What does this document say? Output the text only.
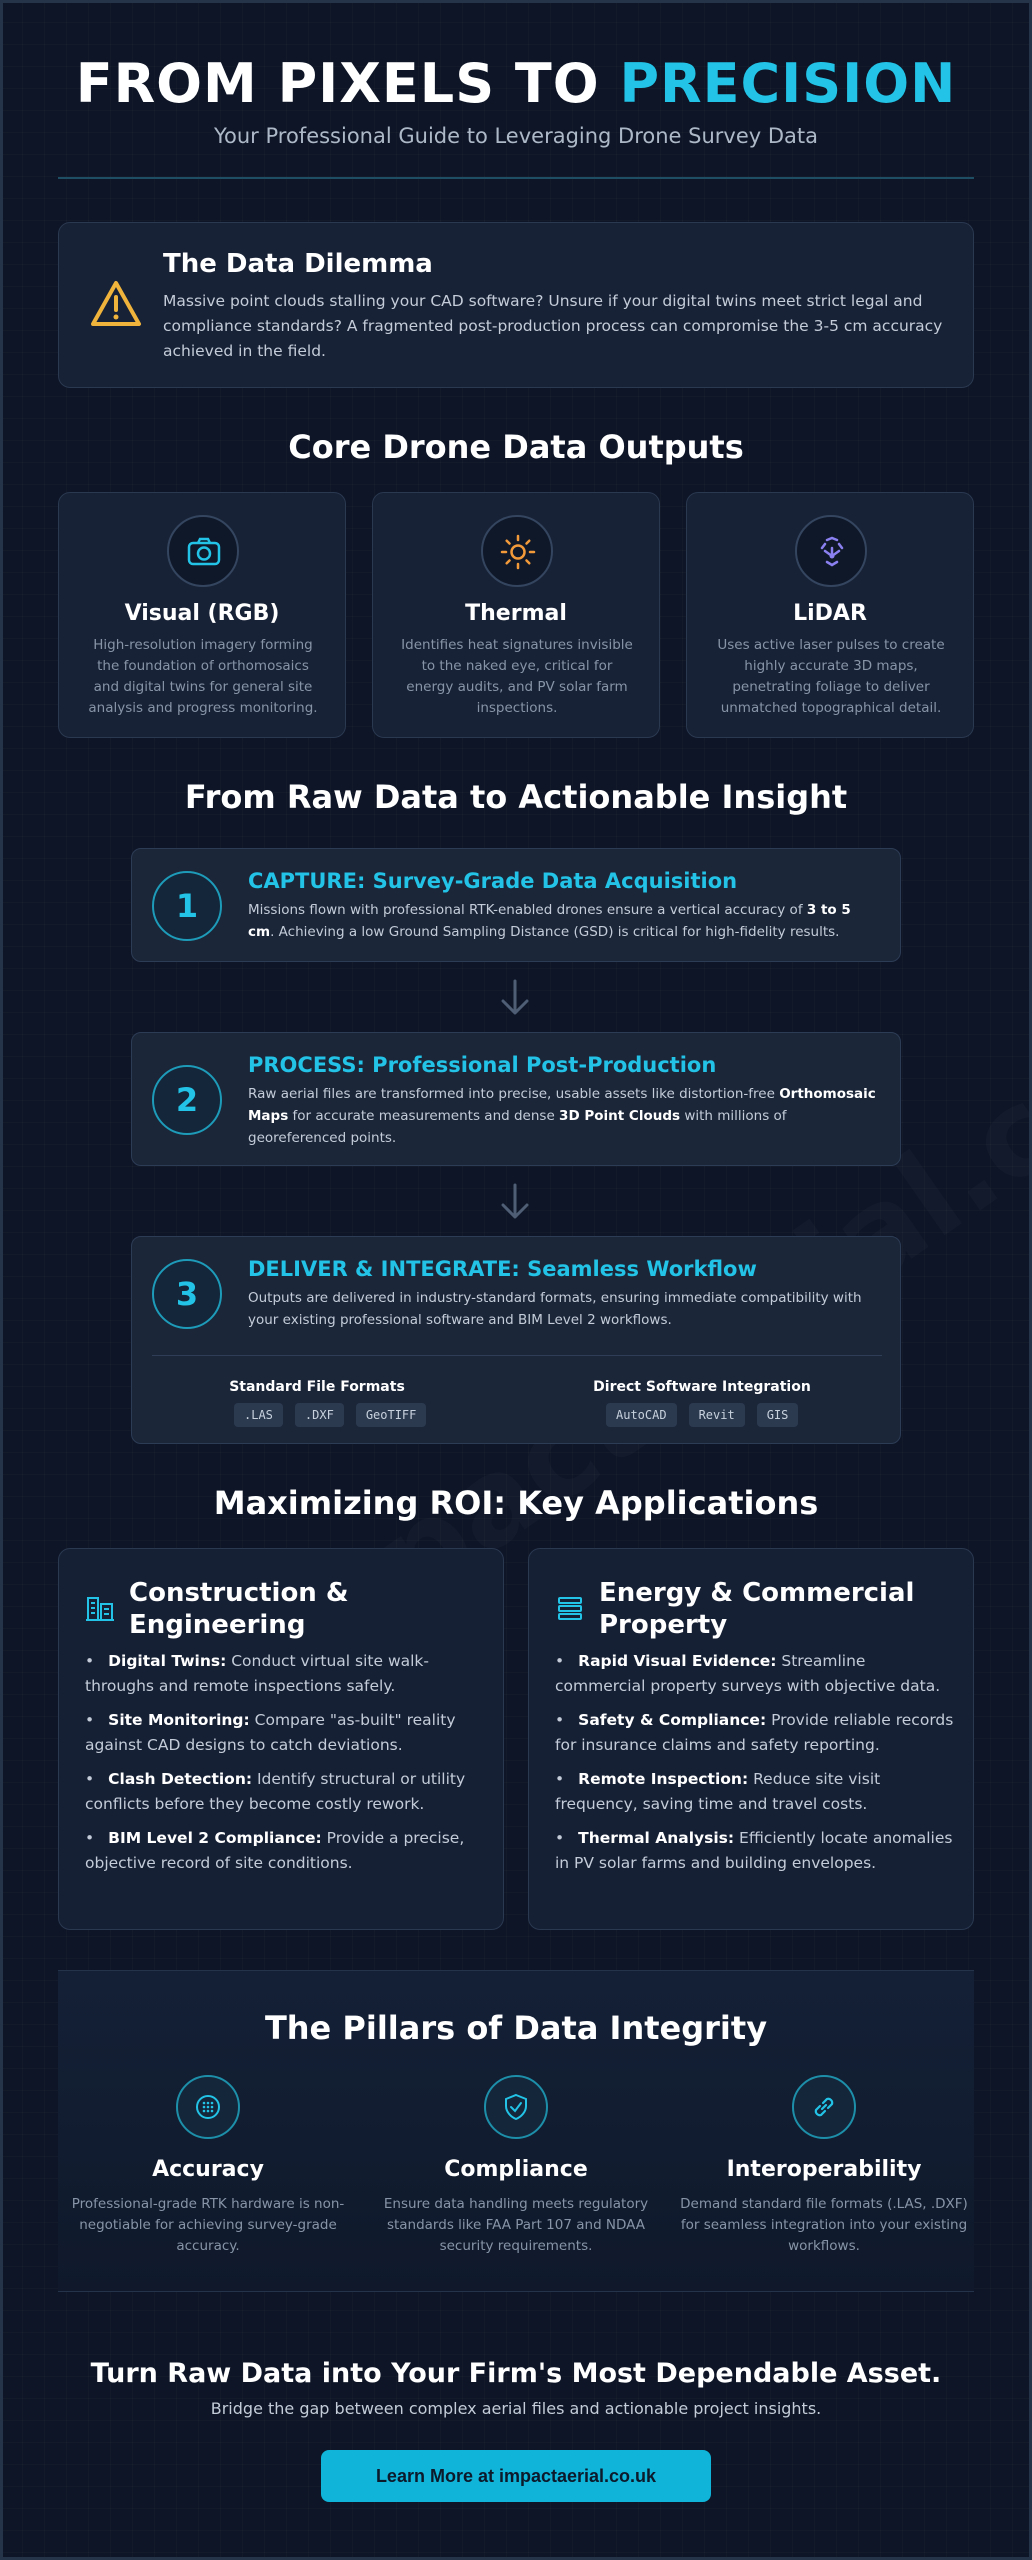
FROM PIXELS TO PRECISION
Your Professional Guide to Leveraging Drone Survey Data
The Data Dilemma

Massive point clouds stalling your CAD software? Unsure if your digital twins meet strict legal and compliance standards? A fragmented post-production process can compromise the 3-5 cm accuracy achieved in the field.

Core Drone Data Outputs
Visual (RGB)

High-resolution imagery forming the foundation of orthomosaics and digital twins for general site analysis and progress monitoring.

Thermal

Identifies heat signatures invisible to the naked eye, critical for energy audits, and PV solar farm inspections.

LiDAR

Uses active laser pulses to create highly accurate 3D maps, penetrating foliage to deliver unmatched topographical detail.

From Raw Data to Actionable Insight
1
CAPTURE: Survey-Grade Data Acquisition

Missions flown with professional RTK-enabled drones ensure a vertical accuracy of 3 to 5 cm. Achieving a low Ground Sampling Distance (GSD) is critical for high-fidelity results.

2
PROCESS: Professional Post-Production

Raw aerial files are transformed into precise, usable assets like distortion-free Orthomosaic Maps for accurate measurements and dense 3D Point Clouds with millions of georeferenced points.

3
DELIVER & INTEGRATE: Seamless Workflow

Outputs are delivered in industry-standard formats, ensuring immediate compatibility with your existing professional software and BIM Level 2 workflows.

Standard File Formats
.LAS	.DXF	GeoTIFF
Direct Software Integration
AutoCAD	Revit	GIS
Maximizing ROI: Key Applications
Construction & Engineering
• Digital Twins: Conduct virtual site walk-throughs and remote inspections safely.
• Site Monitoring: Compare "as-built" reality against CAD designs to catch deviations.
• Clash Detection: Identify structural or utility conflicts before they become costly rework.
• BIM Level 2 Compliance: Provide a precise, objective record of site conditions.
Energy & Commercial Property
• Rapid Visual Evidence: Streamline commercial property surveys with objective data.
• Safety & Compliance: Provide reliable records for insurance claims and safety reporting.
• Remote Inspection: Reduce site visit frequency, saving time and travel costs.
• Thermal Analysis: Efficiently locate anomalies in PV solar farms and building envelopes.
The Pillars of Data Integrity
Accuracy

Professional-grade RTK hardware is non-negotiable for achieving survey-grade accuracy.

Compliance

Ensure data handling meets regulatory standards like FAA Part 107 and NDAA security requirements.

Interoperability

Demand standard file formats (.LAS, .DXF) for seamless integration into your existing workflows.

Turn Raw Data into Your Firm's Most Dependable Asset.

Bridge the gap between complex aerial files and actionable project insights.

Learn More at impactaerial.co.uk
